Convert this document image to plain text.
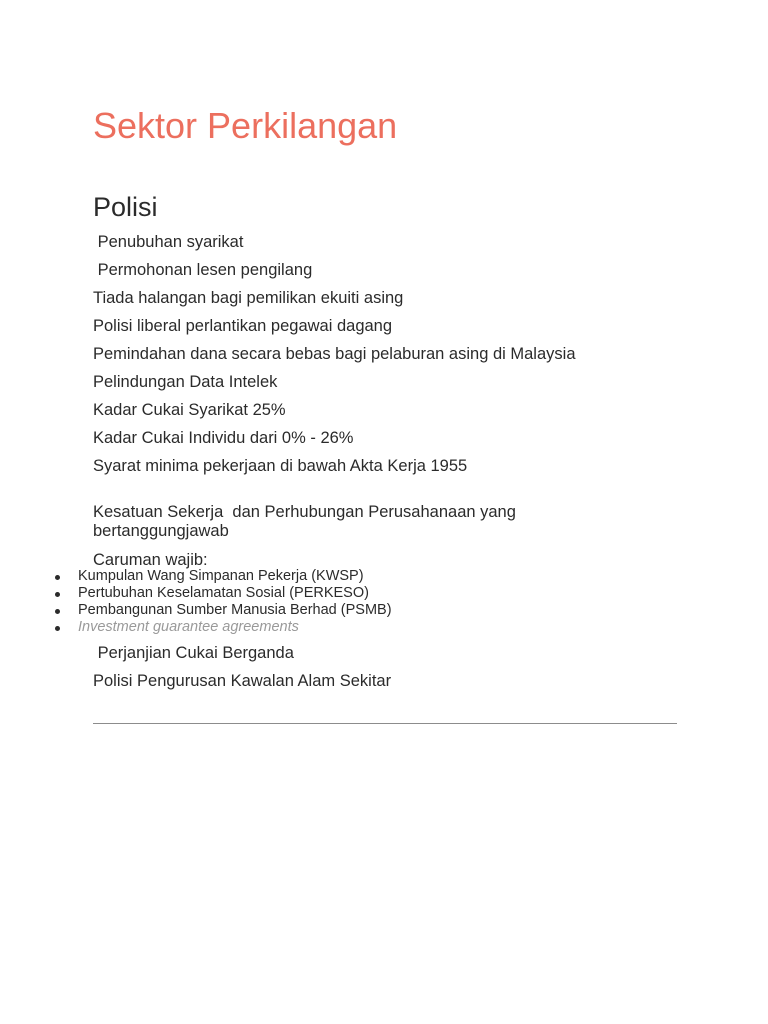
Sektor Perkilangan
Polisi
Penubuhan syarikat
Permohonan lesen pengilang
Tiada halangan bagi pemilikan ekuiti asing
Polisi liberal perlantikan pegawai dagang
Pemindahan dana secara bebas bagi pelaburan asing di Malaysia
Pelindungan Data Intelek
Kadar Cukai Syarikat 25%
Kadar Cukai Individu dari 0% - 26%
Syarat minima pekerjaan di bawah Akta Kerja 1955
Kesatuan Sekerja  dan Perhubungan Perusahanaan yang bertanggungjawab
Caruman wajib:
Kumpulan Wang Simpanan Pekerja (KWSP)
Pertubuhan Keselamatan Sosial (PERKESO)
Pembangunan Sumber Manusia Berhad (PSMB)
Investment guarantee agreements
Perjanjian Cukai Berganda
Polisi Pengurusan Kawalan Alam Sekitar
